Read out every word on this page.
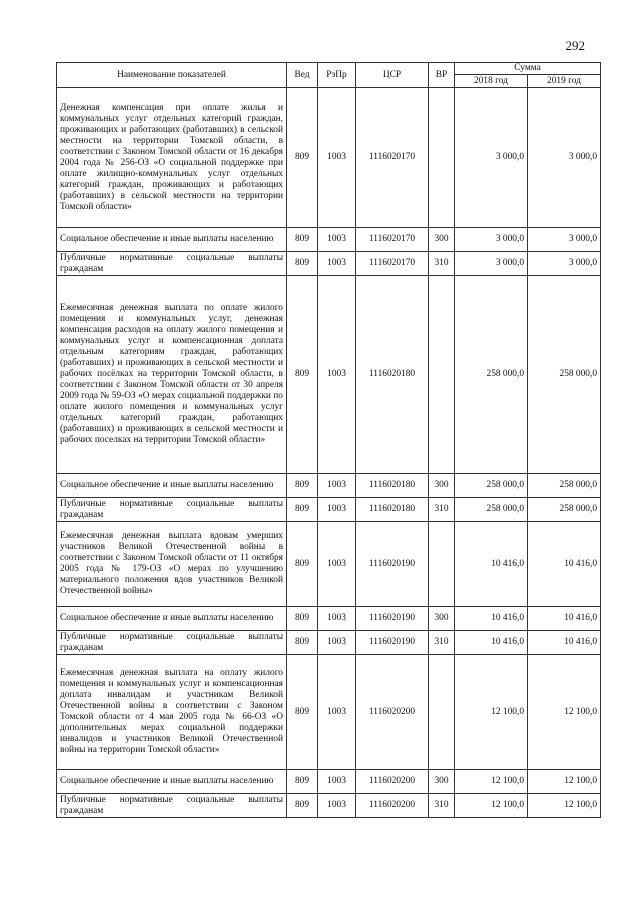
292
Наименование показателей	Вед	РзПр	ЦСР	ВР	Сумма	
					2018 год	2019 год
Денежная компенсация при оплате жилья и коммунальных услуг отдельных категорий граждан, проживающих и работающих (работавших) в сельской местности на территории Томской области, в соответствии с Законом Томской области от 16 декабря 2004 года № 256-ОЗ «О социальной поддержке при оплате жилищно-коммунальных услуг отдельных категорий граждан, проживающих и работающих (работавших) в сельской местности на территории Томской области»	809	1003	1116020170		3 000,0	3 000,0
Социальное обеспечение и иные выплаты населению	809	1003	1116020170	300	3 000,0	3 000,0
Публичные нормативные социальные выплаты гражданам	809	1003	1116020170	310	3 000,0	3 000,0
Ежемесячная денежная выплата по оплате жилого помещения и коммунальных услуг, денежная компенсация расходов на оплату жилого помещения и коммунальных услуг и компенсационная доплата отдельным категориям граждан, работающих (работавших) и проживающих в сельской местности и рабочих посёлках на территории Томской области, в соответствии с Законом Томской области от 30 апреля 2009 года № 59-ОЗ «О мерах социальной поддержки по оплате жилого помещения и коммунальных услуг отдельных категорий граждан, работающих (работавших) и проживающих в сельской местности и рабочих поселках на территории Томской области»	809	1003	1116020180		258 000,0	258 000,0
Социальное обеспечение и иные выплаты населению	809	1003	1116020180	300	258 000,0	258 000,0
Публичные нормативные социальные выплаты гражданам	809	1003	1116020180	310	258 000,0	258 000,0
Ежемесячная денежная выплата вдовам умерших участников Великой Отечественной войны в соответствии с Законом Томской области от 11 октября 2005 года № 179-ОЗ «О мерах по улучшению материального положения вдов участников Великой Отечественной войны»	809	1003	1116020190		10 416,0	10 416,0
Социальное обеспечение и иные выплаты населению	809	1003	1116020190	300	10 416,0	10 416,0
Публичные нормативные социальные выплаты гражданам	809	1003	1116020190	310	10 416,0	10 416,0
Ежемесячная денежная выплата на оплату жилого помещения и коммунальных услуг и компенсационная доплата инвалидам и участникам Великой Отечественной войны в соответствии с Законом Томской области от 4 мая 2005 года № 66-ОЗ «О дополнительных мерах социальной поддержки инвалидов и участников Великой Отечественной войны на территории Томской области»	809	1003	1116020200		12 100,0	12 100,0
Социальное обеспечение и иные выплаты населению	809	1003	1116020200	300	12 100,0	12 100,0
Публичные нормативные социальные выплаты гражданам	809	1003	1116020200	310	12 100,0	12 100,0
